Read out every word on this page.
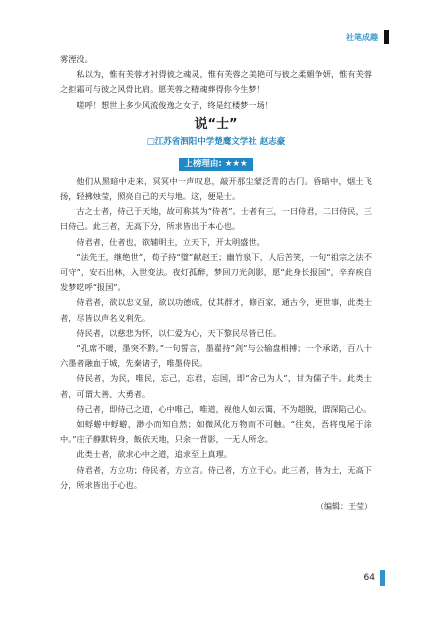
社笔成趣

雾湮没。

私以为，惟有芙蓉才衬得彼之魂灵，惟有芙蓉之美艳可与彼之柔媚争妍，惟有芙蓉之拒霜可与彼之风骨比肩。愿芙蓉之精魂葬得你今生梦！

嗟呼！想世上多少风流俊逸之女子，终是红楼梦一场！

说“士”
□江苏省泗阳中学楚鹰文学社 赵志豪
上榜理由: ★★★

他们从黑暗中走来，冥冥中一声叹息，敲开那尘蒙泛青的古门。昏暗中，烟土飞扬，轻拂烛莹，照亮自己的天与地。这，便是士。

古之士者，侍己于天地，故可称其为“侍者”。士者有三，一曰侍君，二曰侍民，三曰侍己。此三者，无高下分，所求皆出于本心也。

侍君者，仕者也，欲辅明主，立天下，开太明盛世。

“法先王，继绝世”，荀子持“璧”献赵王；幽竹泉下，人后苦笑，一句“祖宗之法不可守”，安石出林，入世变法。夜灯孤醉，梦回刀光剑影，愿“此身长报国”，辛弃疾自发梦呓呼“报国”。

侍君者，欲以忠义显，欲以功德成，仗其群才，修百家，通古今，更世事，此类士者，尽皆以声名义利先。

侍民者，以慈悲为怀，以仁爱为心，天下黎民尽皆已任。

“孔席不暖，墨突不黔。”一句誓言，墨翟持“剑”与公输盘相搏；一个承诺，百八十六墨者融血于城，先秦诸子，唯墨侍民。

侍民者，为民，唯民，忘己，忘君，忘国，即“舍己为人”，甘为儒子牛。此类士者，可谓大善、大勇者。

侍己者，即侍己之道，心中唯己，唯道，视他人如云霭，不为超脱，谓深陷己心。

如蜉蝣中蜉蝣，渺小而知自然；如微风化万物而不可触。“往矣，吾将曳尾于涂中。”庄子静默转身，飯依天地，只余一背影，一无人所念。

此类士者，欲求心中之道，追求至上真理。

侍君者，方立功；侍民者，方立言。侍己者，方立于心。此三者，皆为士，无高下分，所求皆出于心也。

（编辑：王莹）
64
